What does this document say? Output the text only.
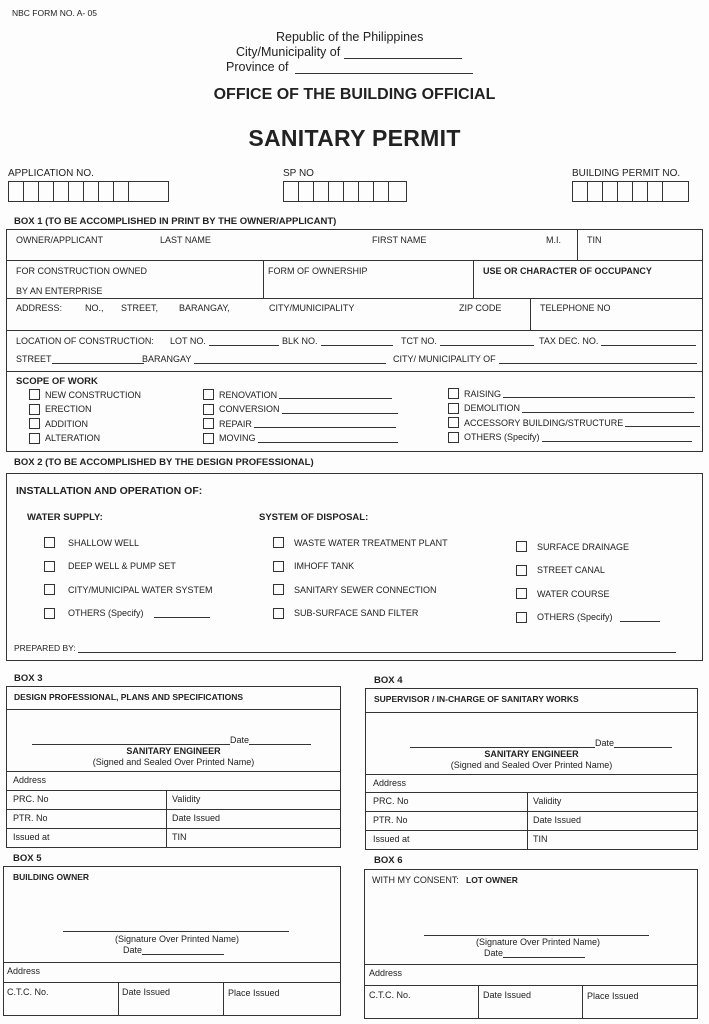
NBC FORM NO. A- 05
Republic of the Philippines
City/Municipality of
Province of
OFFICE OF THE BUILDING OFFICIAL
SANITARY PERMIT
APPLICATION NO.	SP NO	BUILDING PERMIT NO.
BOX 1 (TO BE ACCOMPLISHED IN PRINT BY THE OWNER/APPLICANT)
OWNER/APPLICANT	LAST NAME	FIRST NAME	M.I.	TIN
FOR CONSTRUCTION OWNED
BY AN ENTERPRISE
FORM OF OWNERSHIP	USE OR CHARACTER OF OCCUPANCY
ADDRESS:	NO., STREET, BARANGAY,	CITY/MUNICIPALITY	ZIP CODE	TELEPHONE NO
LOCATION OF CONSTRUCTION: LOT NO.	BLK NO.	TCT NO.	TAX DEC. NO.
STREET	BARANGAY	CITY/ MUNICIPALITY OF
SCOPE OF WORK
NEW CONSTRUCTION
ERECTION
ADDITION
ALTERATION
RENOVATION
CONVERSION
REPAIR
MOVING
RAISING
DEMOLITION
ACCESSORY BUILDING/STRUCTURE
OTHERS (Specify)
BOX 2 (TO BE ACCOMPLISHED BY THE DESIGN PROFESSIONAL)
INSTALLATION AND OPERATION OF:
WATER SUPPLY:	SYSTEM OF DISPOSAL:
SHALLOW WELL
DEEP WELL & PUMP SET
CITY/MUNICIPAL WATER SYSTEM
OTHERS (Specify)
WASTE WATER TREATMENT PLANT
IMHOFF TANK
SANITARY SEWER CONNECTION
SUB-SURFACE SAND FILTER
SURFACE DRAINAGE
STREET CANAL
WATER COURSE
OTHERS (Specify)
PREPARED BY:
BOX 3
DESIGN PROFESSIONAL, PLANS AND SPECIFICATIONS
Date
SANITARY ENGINEER
(Signed and Sealed Over Printed Name)
Address
PRC. No	Validity
PTR. No	Date Issued
Issued at	TIN
BOX 4
SUPERVISOR / IN-CHARGE OF SANITARY WORKS
Date
SANITARY ENGINEER
(Signed and Sealed Over Printed Name)
Address
PRC. No	Validity
PTR. No	Date Issued
Issued at	TIN
BOX 5
BUILDING OWNER
(Signature Over Printed Name)
Date
Address
C.T.C. No.	Date Issued	Place Issued
BOX 6
WITH MY CONSENT: LOT OWNER
(Signature Over Printed Name)
Date
Address
C.T.C. No.	Date Issued	Place Issued
